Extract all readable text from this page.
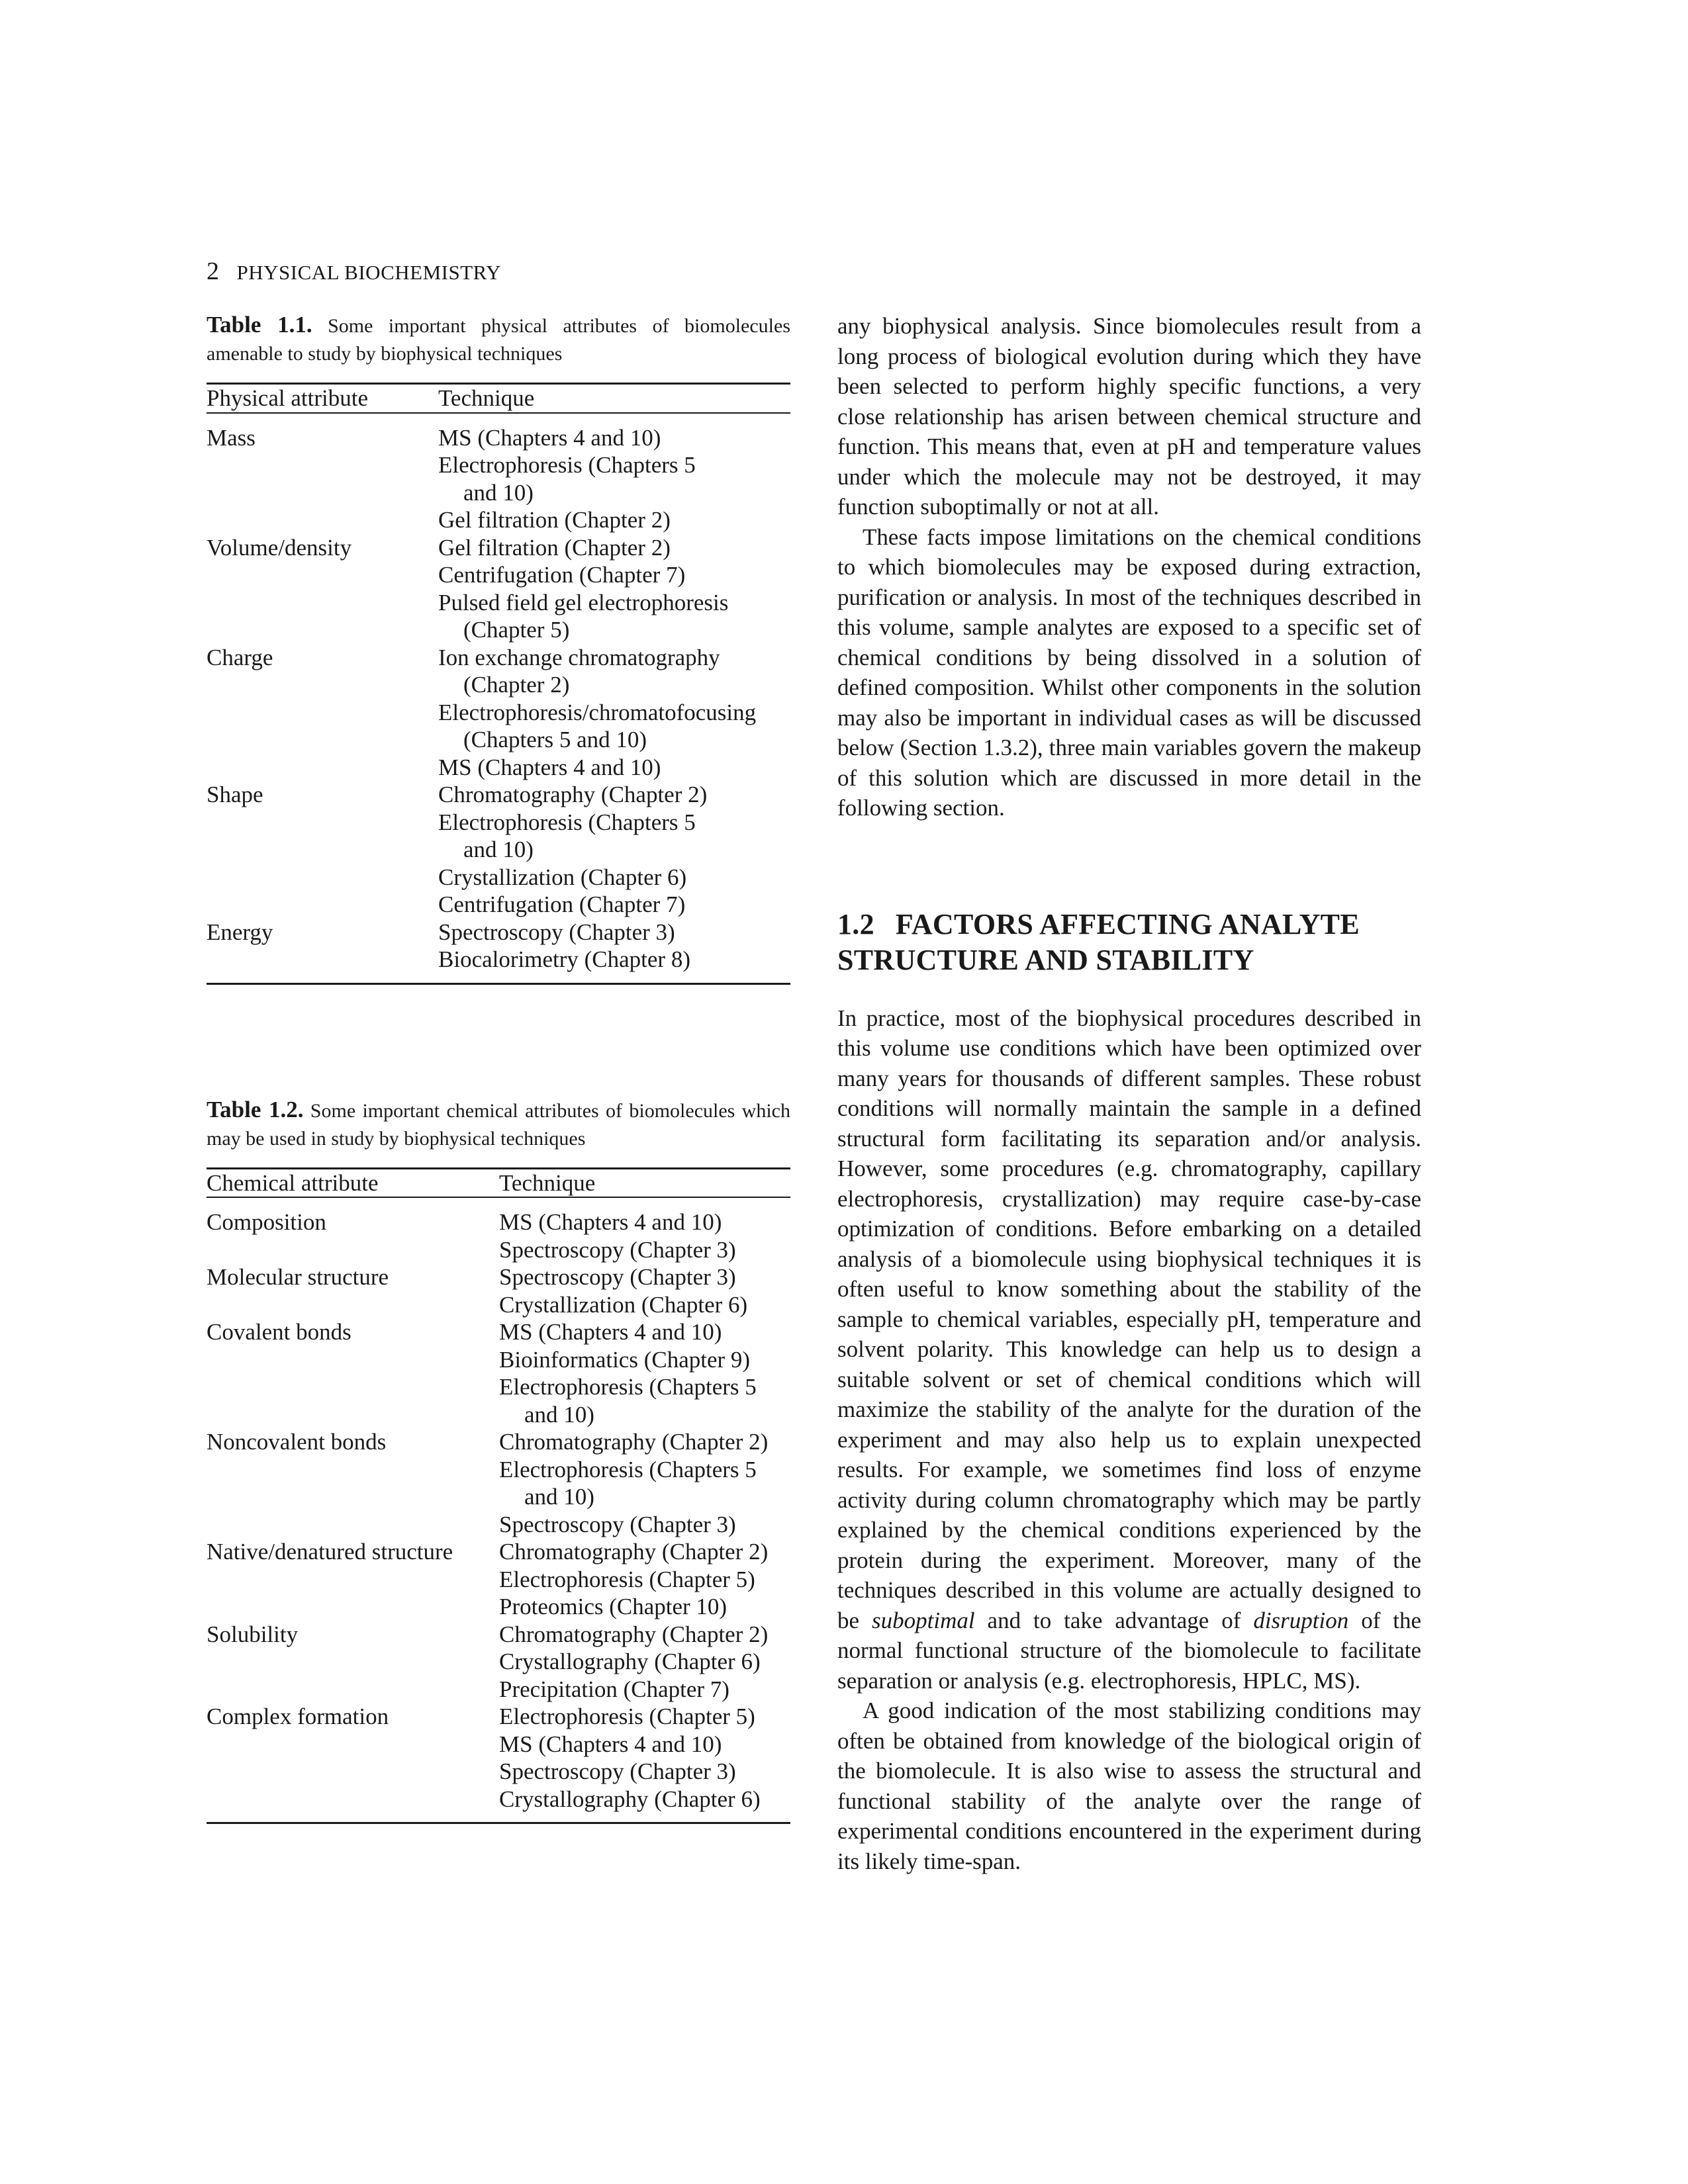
2 PHYSICAL BIOCHEMISTRY

Table 1.1. Some important physical attributes of biomolecules amenable to study by biophysical techniques

Physical attribute	Technique
Mass	MS (Chapters 4 and 10)
Electrophoresis (Chapters 5
and 10)
Gel filtration (Chapter 2)

Volume/density	Gel filtration (Chapter 2)
Centrifugation (Chapter 7)
Pulsed field gel electrophoresis
(Chapter 5)

Charge	Ion exchange chromatography
(Chapter 2)
Electrophoresis/chromatofocusing
(Chapters 5 and 10)
MS (Chapters 4 and 10)

Shape	Chromatography (Chapter 2)
Electrophoresis (Chapters 5
and 10)
Crystallization (Chapter 6)
Centrifugation (Chapter 7)

Energy	Spectroscopy (Chapter 3)
Biocalorimetry (Chapter 8)

Table 1.2. Some important chemical attributes of biomolecules which may be used in study by biophysical techniques

Chemical attribute	Technique
Composition	MS (Chapters 4 and 10)
Spectroscopy (Chapter 3)

Molecular structure	Spectroscopy (Chapter 3)
Crystallization (Chapter 6)

Covalent bonds	MS (Chapters 4 and 10)
Bioinformatics (Chapter 9)
Electrophoresis (Chapters 5
and 10)

Noncovalent bonds	Chromatography (Chapter 2)
Electrophoresis (Chapters 5
and 10)
Spectroscopy (Chapter 3)

Native/denatured structure	Chromatography (Chapter 2)
Electrophoresis (Chapter 5)
Proteomics (Chapter 10)

Solubility	Chromatography (Chapter 2)
Crystallography (Chapter 6)
Precipitation (Chapter 7)

Complex formation	Electrophoresis (Chapter 5)
MS (Chapters 4 and 10)
Spectroscopy (Chapter 3)
Crystallography (Chapter 6)

any biophysical analysis. Since biomolecules result from a long process of biological evolution during which they have been selected to perform highly specific functions, a very close relationship has arisen between chemical structure and function. This means that, even at pH and temperature values under which the molecule may not be destroyed, it may function suboptimally or not at all.

These facts impose limitations on the chemical conditions to which biomolecules may be exposed during extraction, purification or analysis. In most of the techniques described in this volume, sample analytes are exposed to a specific set of chemical conditions by being dissolved in a solution of defined composition. Whilst other components in the solution may also be important in individual cases as will be discussed below (Section 1.3.2), three main variables govern the makeup of this solution which are discussed in more detail in the following section.

1.2 FACTORS AFFECTING ANALYTE STRUCTURE AND STABILITY

In practice, most of the biophysical procedures described in this volume use conditions which have been optimized over many years for thousands of different samples. These robust conditions will normally maintain the sample in a defined structural form facilitating its separation and/or analysis. However, some procedures (e.g. chromatography, capillary electrophoresis, crystallization) may require case-by-case optimization of conditions. Before embarking on a detailed analysis of a biomolecule using biophysical techniques it is often useful to know something about the stability of the sample to chemical variables, especially pH, temperature and solvent polarity. This knowledge can help us to design a suitable solvent or set of chemical conditions which will maximize the stability of the analyte for the duration of the experiment and may also help us to explain unexpected results. For example, we sometimes find loss of enzyme activity during column chromatography which may be partly explained by the chemical conditions experienced by the protein during the experiment. Moreover, many of the techniques described in this volume are actually designed to be suboptimal and to take advantage of disruption of the normal functional structure of the biomolecule to facilitate separation or analysis (e.g. electrophoresis, HPLC, MS).

A good indication of the most stabilizing conditions may often be obtained from knowledge of the biological origin of the biomolecule. It is also wise to assess the structural and functional stability of the analyte over the range of experimental conditions encountered in the experiment during its likely time-span.
